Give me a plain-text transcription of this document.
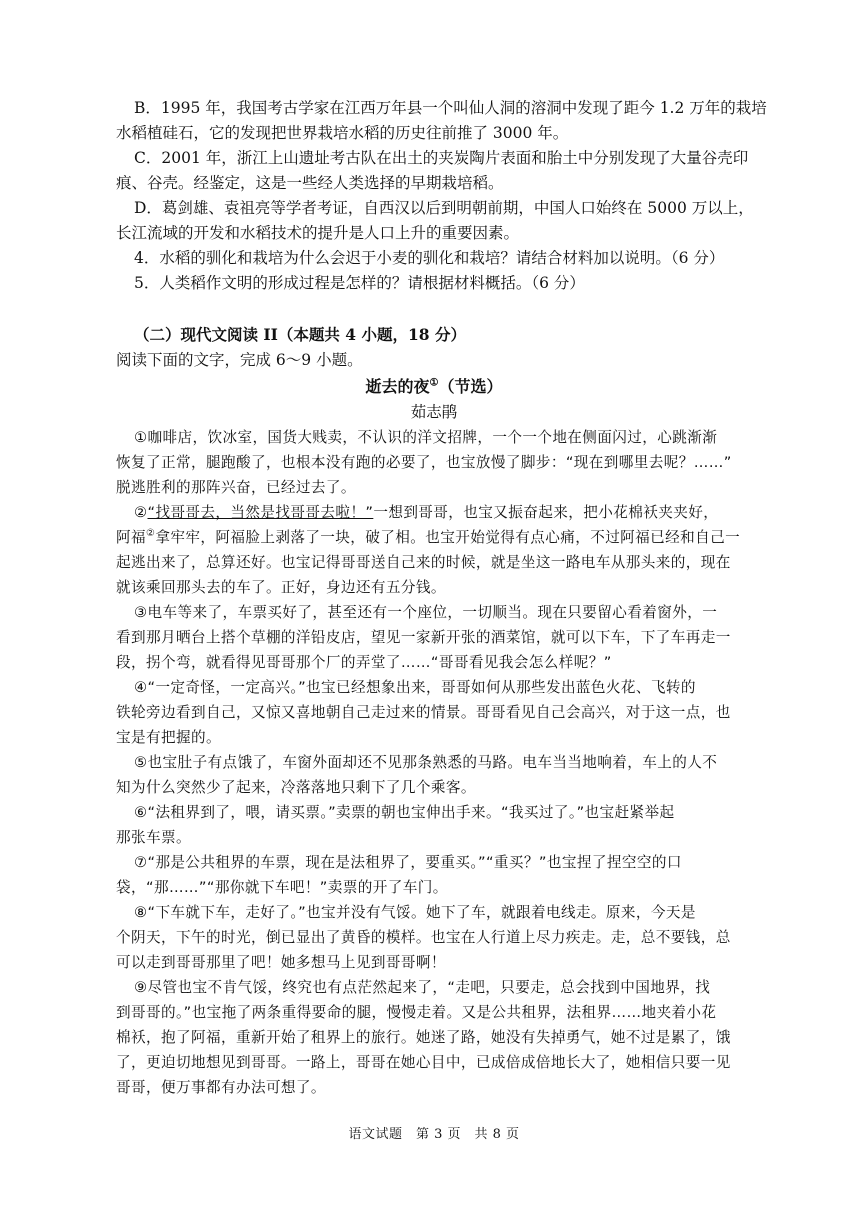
B．1995 年，我国考古学家在江西万年县一个叫仙人洞的溶洞中发现了距今 1.2 万年的栽培
水稻植硅石，它的发现把世界栽培水稻的历史往前推了 3000 年。
C．2001 年，浙江上山遗址考古队在出土的夹炭陶片表面和胎土中分别发现了大量谷壳印
痕、谷壳。经鉴定，这是一些经人类选择的早期栽培稻。
D．葛剑雄、袁祖亮等学者考证，自西汉以后到明朝前期，中国人口始终在 5000 万以上，
长江流域的开发和水稻技术的提升是人口上升的重要因素。
4．水稻的驯化和栽培为什么会迟于小麦的驯化和栽培？请结合材料加以说明。（6 分）
5．人类稻作文明的形成过程是怎样的？请根据材料概括。（6 分）
（二）现代文阅读 II（本题共 4 小题，18 分）
阅读下面的文字，完成 6～9 小题。
逝去的夜①（节选）
茹志鹃
①咖啡店，饮冰室，国货大贱卖，不认识的洋文招牌，一个一个地在侧面闪过，心跳渐渐
恢复了正常，腿跑酸了，也根本没有跑的必要了，也宝放慢了脚步：“现在到哪里去呢？……”
脱逃胜利的那阵兴奋，已经过去了。
②“找哥哥去，当然是找哥哥去啦！”一想到哥哥，也宝又振奋起来，把小花棉袄夹夹好，
阿福②拿牢牢，阿福脸上剥落了一块，破了相。也宝开始觉得有点心痛，不过阿福已经和自己一
起逃出来了，总算还好。也宝记得哥哥送自己来的时候，就是坐这一路电车从那头来的，现在
就该乘回那头去的车了。正好，身边还有五分钱。
③电车等来了，车票买好了，甚至还有一个座位，一切顺当。现在只要留心看着窗外，一
看到那月晒台上搭个草棚的洋铅皮店，望见一家新开张的酒菜馆，就可以下车，下了车再走一
段，拐个弯，就看得见哥哥那个厂的弄堂了……“哥哥看见我会怎么样呢？”
④“一定奇怪，一定高兴。”也宝已经想象出来，哥哥如何从那些发出蓝色火花、飞转的
铁轮旁边看到自己，又惊又喜地朝自己走过来的情景。哥哥看见自己会高兴，对于这一点，也
宝是有把握的。
⑤也宝肚子有点饿了，车窗外面却还不见那条熟悉的马路。电车当当地响着，车上的人不
知为什么突然少了起来，冷落落地只剩下了几个乘客。
⑥“法租界到了，喂，请买票。”卖票的朝也宝伸出手来。“我买过了。”也宝赶紧举起
那张车票。
⑦“那是公共租界的车票，现在是法租界了，要重买。”“重买？”也宝捏了捏空空的口
袋，“那……”“那你就下车吧！”卖票的开了车门。
⑧“下车就下车，走好了。”也宝并没有气馁。她下了车，就跟着电线走。原来，今天是
个阴天，下午的时光，倒已显出了黄昏的模样。也宝在人行道上尽力疾走。走，总不要钱，总
可以走到哥哥那里了吧！她多想马上见到哥哥啊！
⑨尽管也宝不肯气馁，终究也有点茫然起来了，“走吧，只要走，总会找到中国地界，找
到哥哥的。”也宝拖了两条重得要命的腿，慢慢走着。又是公共租界，法租界……地夹着小花
棉袄，抱了阿福，重新开始了租界上的旅行。她迷了路，她没有失掉勇气，她不过是累了，饿
了，更迫切地想见到哥哥。一路上，哥哥在她心目中，已成倍成倍地长大了，她相信只要一见
哥哥，便万事都有办法可想了。
语文试题　第 3 页　共 8 页
